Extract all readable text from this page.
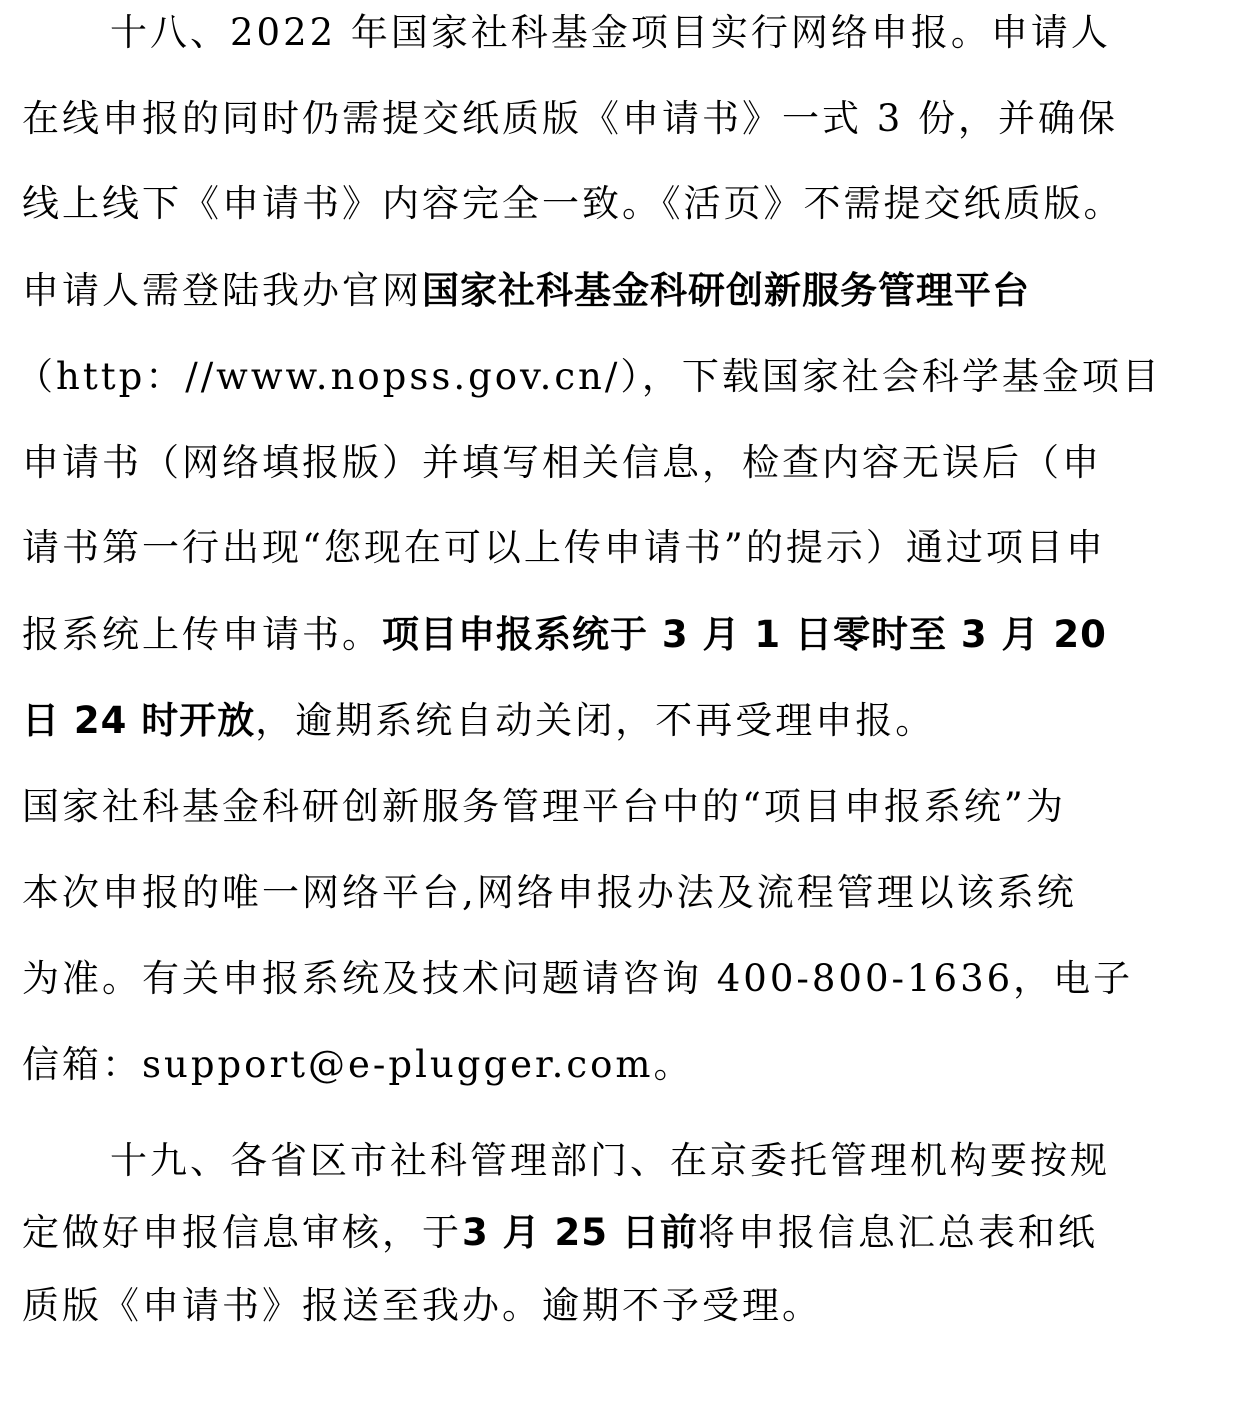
十八、2022 年国家社科基金项目实行网络申报。申请人
在线申报的同时仍需提交纸质版《申请书》一式 3 份，并确保
线上线下《申请书》内容完全一致。《活页》不需提交纸质版。
申请人需登陆我办官网国家社科基金科研创新服务管理平台
（http：//www.nopss.gov.cn/），下载国家社会科学基金项目
申请书（网络填报版）并填写相关信息，检查内容无误后（申
请书第一行出现“您现在可以上传申请书”的提示）通过项目申
报系统上传申请书。项目申报系统于 3 月 1 日零时至 3 月 20
日 24 时开放，逾期系统自动关闭，不再受理申报。
国家社科基金科研创新服务管理平台中的“项目申报系统”为
本次申报的唯一网络平台,网络申报办法及流程管理以该系统
为准。有关申报系统及技术问题请咨询 400-800-1636，电子
信箱：support@e-plugger.com。
十九、各省区市社科管理部门、在京委托管理机构要按规
定做好申报信息审核，于3 月 25 日前将申报信息汇总表和纸
质版《申请书》报送至我办。逾期不予受理。
